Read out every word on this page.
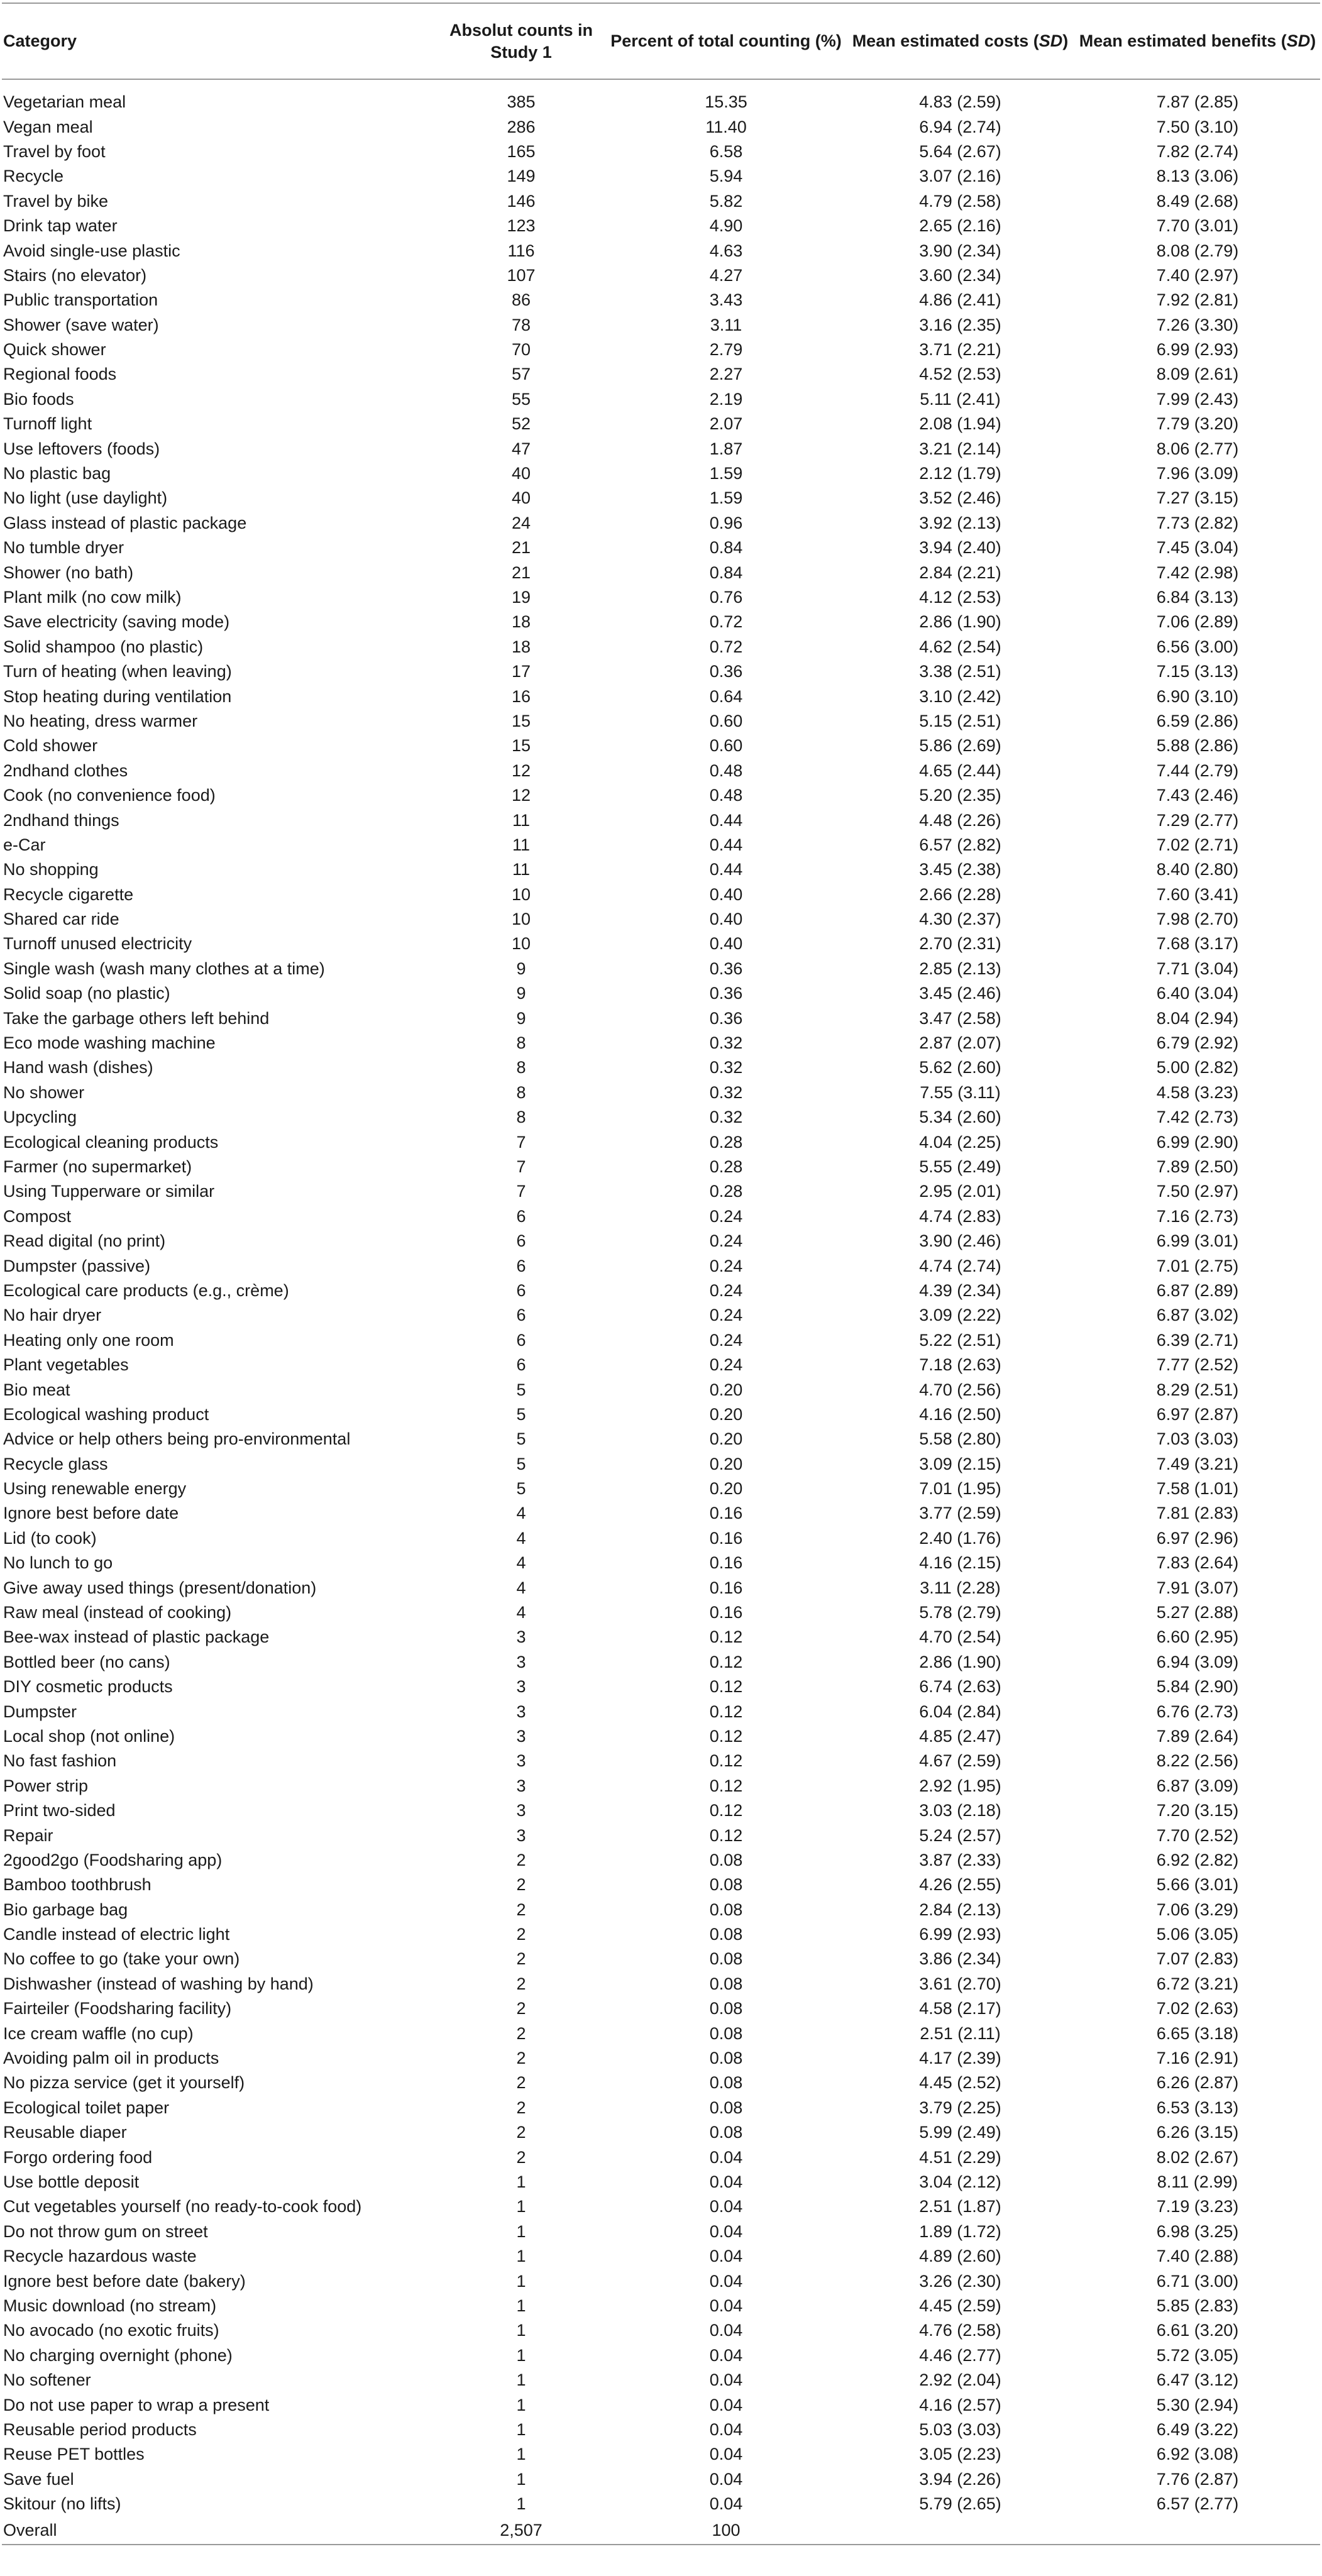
Category	Absolut counts in Study 1	Percent of total counting (%)	Mean estimated costs (SD)	Mean estimated benefits (SD)
Vegetarian meal	385	15.35	4.83 (2.59)	7.87 (2.85)
Vegan meal	286	11.40	6.94 (2.74)	7.50 (3.10)
Travel by foot	165	6.58	5.64 (2.67)	7.82 (2.74)
Recycle	149	5.94	3.07 (2.16)	8.13 (3.06)
Travel by bike	146	5.82	4.79 (2.58)	8.49 (2.68)
Drink tap water	123	4.90	2.65 (2.16)	7.70 (3.01)
Avoid single-use plastic	116	4.63	3.90 (2.34)	8.08 (2.79)
Stairs (no elevator)	107	4.27	3.60 (2.34)	7.40 (2.97)
Public transportation	86	3.43	4.86 (2.41)	7.92 (2.81)
Shower (save water)	78	3.11	3.16 (2.35)	7.26 (3.30)
Quick shower	70	2.79	3.71 (2.21)	6.99 (2.93)
Regional foods	57	2.27	4.52 (2.53)	8.09 (2.61)
Bio foods	55	2.19	5.11 (2.41)	7.99 (2.43)
Turnoff light	52	2.07	2.08 (1.94)	7.79 (3.20)
Use leftovers (foods)	47	1.87	3.21 (2.14)	8.06 (2.77)
No plastic bag	40	1.59	2.12 (1.79)	7.96 (3.09)
No light (use daylight)	40	1.59	3.52 (2.46)	7.27 (3.15)
Glass instead of plastic package	24	0.96	3.92 (2.13)	7.73 (2.82)
No tumble dryer	21	0.84	3.94 (2.40)	7.45 (3.04)
Shower (no bath)	21	0.84	2.84 (2.21)	7.42 (2.98)
Plant milk (no cow milk)	19	0.76	4.12 (2.53)	6.84 (3.13)
Save electricity (saving mode)	18	0.72	2.86 (1.90)	7.06 (2.89)
Solid shampoo (no plastic)	18	0.72	4.62 (2.54)	6.56 (3.00)
Turn of heating (when leaving)	17	0.36	3.38 (2.51)	7.15 (3.13)
Stop heating during ventilation	16	0.64	3.10 (2.42)	6.90 (3.10)
No heating, dress warmer	15	0.60	5.15 (2.51)	6.59 (2.86)
Cold shower	15	0.60	5.86 (2.69)	5.88 (2.86)
2ndhand clothes	12	0.48	4.65 (2.44)	7.44 (2.79)
Cook (no convenience food)	12	0.48	5.20 (2.35)	7.43 (2.46)
2ndhand things	11	0.44	4.48 (2.26)	7.29 (2.77)
e-Car	11	0.44	6.57 (2.82)	7.02 (2.71)
No shopping	11	0.44	3.45 (2.38)	8.40 (2.80)
Recycle cigarette	10	0.40	2.66 (2.28)	7.60 (3.41)
Shared car ride	10	0.40	4.30 (2.37)	7.98 (2.70)
Turnoff unused electricity	10	0.40	2.70 (2.31)	7.68 (3.17)
Single wash (wash many clothes at a time)	9	0.36	2.85 (2.13)	7.71 (3.04)
Solid soap (no plastic)	9	0.36	3.45 (2.46)	6.40 (3.04)
Take the garbage others left behind	9	0.36	3.47 (2.58)	8.04 (2.94)
Eco mode washing machine	8	0.32	2.87 (2.07)	6.79 (2.92)
Hand wash (dishes)	8	0.32	5.62 (2.60)	5.00 (2.82)
No shower	8	0.32	7.55 (3.11)	4.58 (3.23)
Upcycling	8	0.32	5.34 (2.60)	7.42 (2.73)
Ecological cleaning products	7	0.28	4.04 (2.25)	6.99 (2.90)
Farmer (no supermarket)	7	0.28	5.55 (2.49)	7.89 (2.50)
Using Tupperware or similar	7	0.28	2.95 (2.01)	7.50 (2.97)
Compost	6	0.24	4.74 (2.83)	7.16 (2.73)
Read digital (no print)	6	0.24	3.90 (2.46)	6.99 (3.01)
Dumpster (passive)	6	0.24	4.74 (2.74)	7.01 (2.75)
Ecological care products (e.g., crème)	6	0.24	4.39 (2.34)	6.87 (2.89)
No hair dryer	6	0.24	3.09 (2.22)	6.87 (3.02)
Heating only one room	6	0.24	5.22 (2.51)	6.39 (2.71)
Plant vegetables	6	0.24	7.18 (2.63)	7.77 (2.52)
Bio meat	5	0.20	4.70 (2.56)	8.29 (2.51)
Ecological washing product	5	0.20	4.16 (2.50)	6.97 (2.87)
Advice or help others being pro-environmental	5	0.20	5.58 (2.80)	7.03 (3.03)
Recycle glass	5	0.20	3.09 (2.15)	7.49 (3.21)
Using renewable energy	5	0.20	7.01 (1.95)	7.58 (1.01)
Ignore best before date	4	0.16	3.77 (2.59)	7.81 (2.83)
Lid (to cook)	4	0.16	2.40 (1.76)	6.97 (2.96)
No lunch to go	4	0.16	4.16 (2.15)	7.83 (2.64)
Give away used things (present/donation)	4	0.16	3.11 (2.28)	7.91 (3.07)
Raw meal (instead of cooking)	4	0.16	5.78 (2.79)	5.27 (2.88)
Bee-wax instead of plastic package	3	0.12	4.70 (2.54)	6.60 (2.95)
Bottled beer (no cans)	3	0.12	2.86 (1.90)	6.94 (3.09)
DIY cosmetic products	3	0.12	6.74 (2.63)	5.84 (2.90)
Dumpster	3	0.12	6.04 (2.84)	6.76 (2.73)
Local shop (not online)	3	0.12	4.85 (2.47)	7.89 (2.64)
No fast fashion	3	0.12	4.67 (2.59)	8.22 (2.56)
Power strip	3	0.12	2.92 (1.95)	6.87 (3.09)
Print two-sided	3	0.12	3.03 (2.18)	7.20 (3.15)
Repair	3	0.12	5.24 (2.57)	7.70 (2.52)
2good2go (Foodsharing app)	2	0.08	3.87 (2.33)	6.92 (2.82)
Bamboo toothbrush	2	0.08	4.26 (2.55)	5.66 (3.01)
Bio garbage bag	2	0.08	2.84 (2.13)	7.06 (3.29)
Candle instead of electric light	2	0.08	6.99 (2.93)	5.06 (3.05)
No coffee to go (take your own)	2	0.08	3.86 (2.34)	7.07 (2.83)
Dishwasher (instead of washing by hand)	2	0.08	3.61 (2.70)	6.72 (3.21)
Fairteiler (Foodsharing facility)	2	0.08	4.58 (2.17)	7.02 (2.63)
Ice cream waffle (no cup)	2	0.08	2.51 (2.11)	6.65 (3.18)
Avoiding palm oil in products	2	0.08	4.17 (2.39)	7.16 (2.91)
No pizza service (get it yourself)	2	0.08	4.45 (2.52)	6.26 (2.87)
Ecological toilet paper	2	0.08	3.79 (2.25)	6.53 (3.13)
Reusable diaper	2	0.08	5.99 (2.49)	6.26 (3.15)
Forgo ordering food	2	0.04	4.51 (2.29)	8.02 (2.67)
Use bottle deposit	1	0.04	3.04 (2.12)	8.11 (2.99)
Cut vegetables yourself (no ready-to-cook food)	1	0.04	2.51 (1.87)	7.19 (3.23)
Do not throw gum on street	1	0.04	1.89 (1.72)	6.98 (3.25)
Recycle hazardous waste	1	0.04	4.89 (2.60)	7.40 (2.88)
Ignore best before date (bakery)	1	0.04	3.26 (2.30)	6.71 (3.00)
Music download (no stream)	1	0.04	4.45 (2.59)	5.85 (2.83)
No avocado (no exotic fruits)	1	0.04	4.76 (2.58)	6.61 (3.20)
No charging overnight (phone)	1	0.04	4.46 (2.77)	5.72 (3.05)
No softener	1	0.04	2.92 (2.04)	6.47 (3.12)
Do not use paper to wrap a present	1	0.04	4.16 (2.57)	5.30 (2.94)
Reusable period products	1	0.04	5.03 (3.03)	6.49 (3.22)
Reuse PET bottles	1	0.04	3.05 (2.23)	6.92 (3.08)
Save fuel	1	0.04	3.94 (2.26)	7.76 (2.87)
Skitour (no lifts)	1	0.04	5.79 (2.65)	6.57 (2.77)
Overall	2,507	100		
